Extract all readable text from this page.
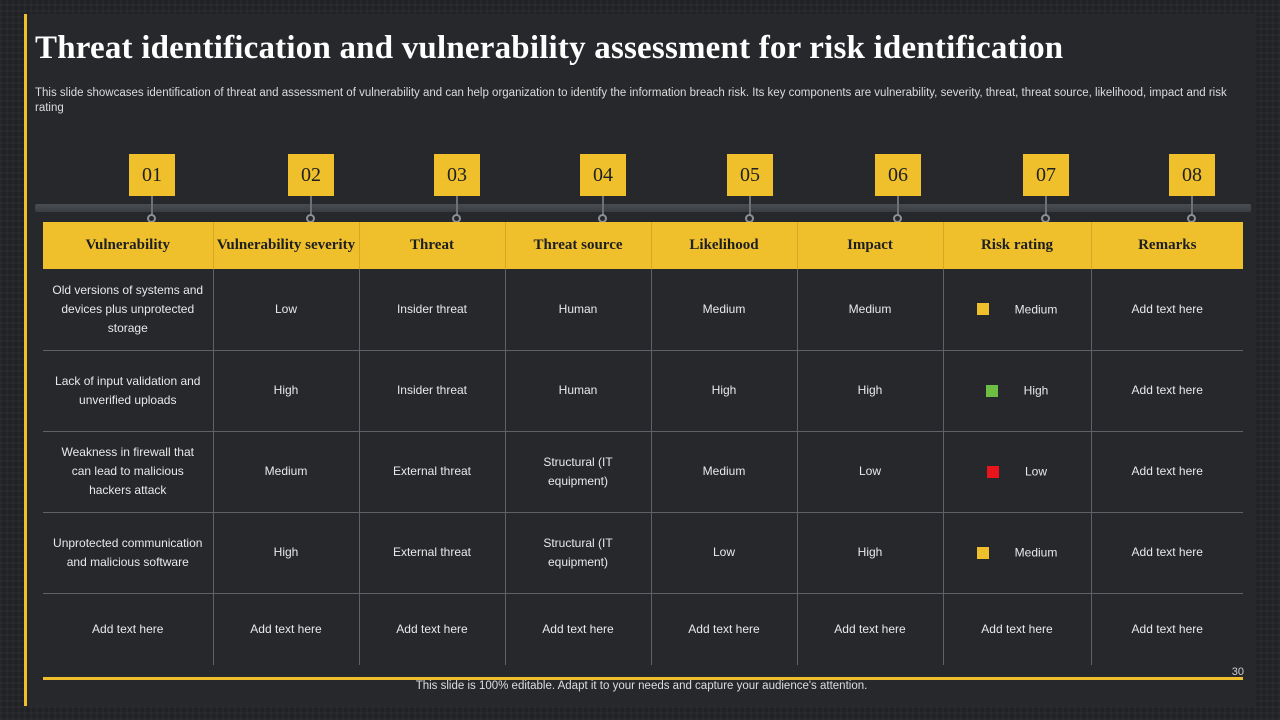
Threat identification and vulnerability assessment for risk identification
This slide showcases identification of threat and assessment of vulnerability and can help organization to identify the information breach risk. Its key components are vulnerability, severity, threat, threat source, likelihood, impact and risk rating
01	02	03	04	05	06	07	08
Vulnerability	Vulnerability severity	Threat	Threat source	Likelihood	Impact	Risk rating	Remarks
Old versions of systems and devices plus unprotected storage	Low	Insider threat	Human	Medium	Medium	Medium	Add text here
Lack of input validation and unverified uploads	High	Insider threat	Human	High	High	High	Add text here
Weakness in firewall that can lead to malicious hackers attack	Medium	External threat	Structural (IT equipment)	Medium	Low	Low	Add text here
Unprotected communication and malicious software	High	External threat	Structural (IT equipment)	Low	High	Medium	Add text here
Add text here	Add text here	Add text here	Add text here	Add text here	Add text here	Add text here	Add text here
This slide is 100% editable. Adapt it to your needs and capture your audience's attention.
30
